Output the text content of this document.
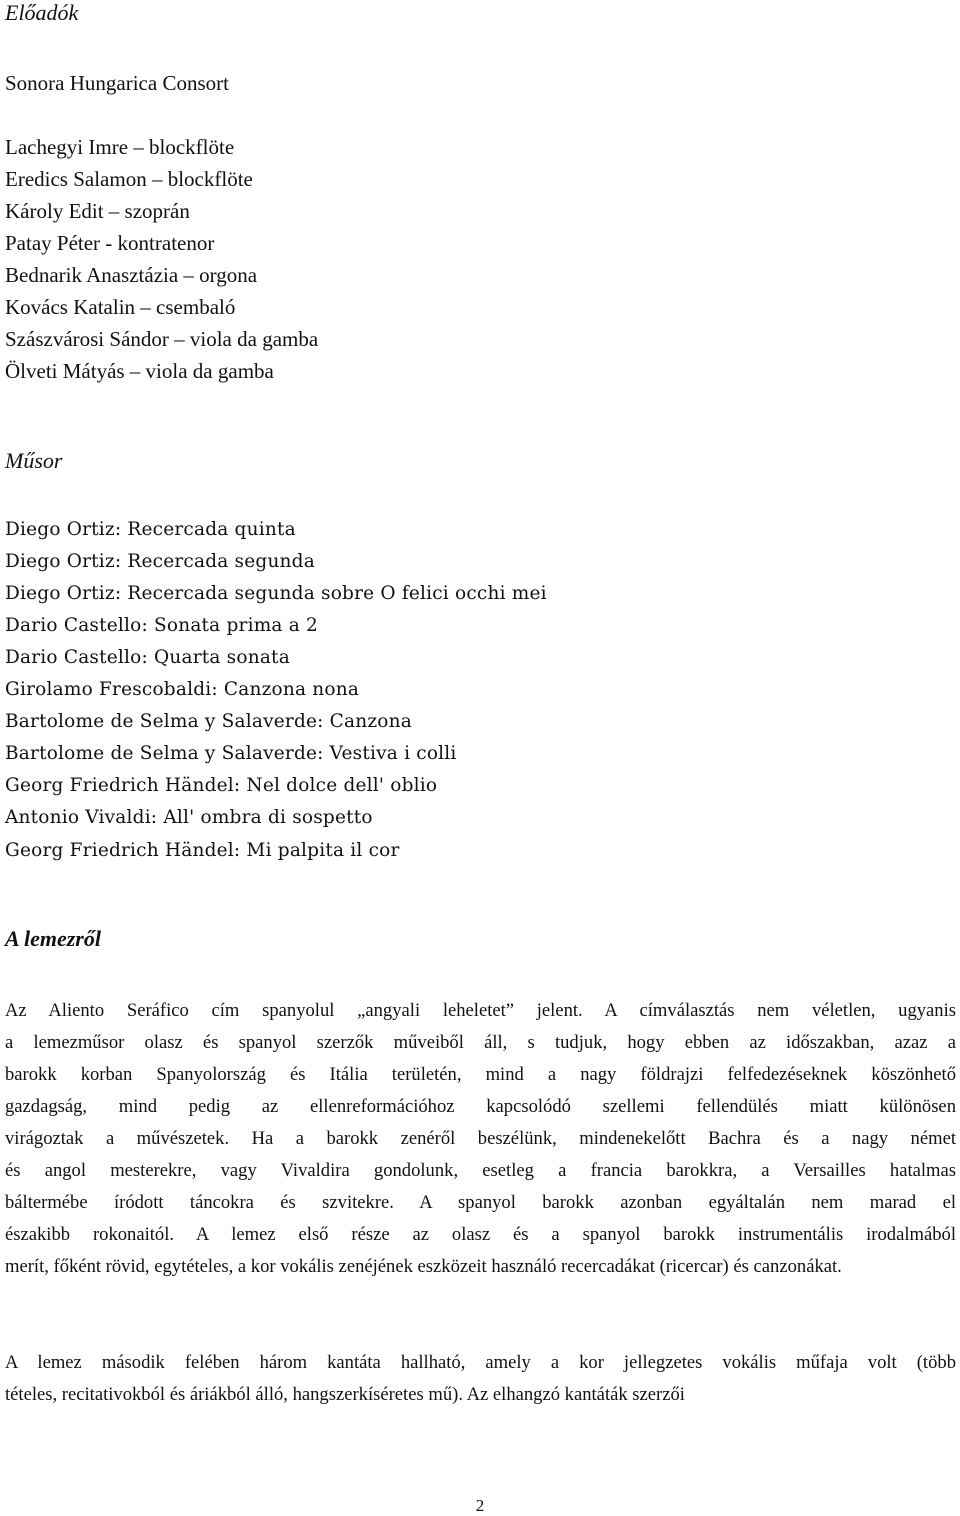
Előadók

Sonora Hungarica Consort

Lachegyi Imre – blockflöte

Eredics Salamon – blockflöte

Károly Edit – szoprán

Patay Péter - kontratenor

Bednarik Anasztázia – orgona

Kovács Katalin – csembaló

Szászvárosi Sándor – viola da gamba

Ölveti Mátyás – viola da gamba

Műsor

Diego Ortiz: Recercada quinta

Diego Ortiz: Recercada segunda

Diego Ortiz: Recercada segunda sobre O felici occhi mei

Dario Castello: Sonata prima a 2

Dario Castello: Quarta sonata

Girolamo Frescobaldi: Canzona nona

Bartolome de Selma y Salaverde: Canzona

Bartolome de Selma y Salaverde: Vestiva i colli

Georg Friedrich Händel: Nel dolce dell' oblio

Antonio Vivaldi: All' ombra di sospetto

Georg Friedrich Händel: Mi palpita il cor

A lemezről
Az Aliento Seráfico cím spanyolul „angyali leheletet” jelent. A címválasztás nem véletlen, ugyanis a lemezműsor olasz és spanyol szerzők műveiből áll, s tudjuk, hogy ebben az időszakban, azaz a barokk korban Spanyolország és Itália területén, mind a nagy földrajzi felfedezéseknek köszönhető gazdagság, mind pedig az ellenreformációhoz kapcsolódó szellemi fellendülés miatt különösen virágoztak a művészetek. Ha a barokk zenéről beszélünk, mindenekelőtt Bachra és a nagy német és angol mesterekre, vagy Vivaldira gondolunk, esetleg a francia barokkra, a Versailles hatalmas báltermébe íródott táncokra és szvitekre. A spanyol barokk azonban egyáltalán nem marad el északibb rokonaitól. A lemez első része az olasz és a spanyol barokk instrumentális irodalmából merít, főként rövid, egytételes, a kor vokális zenéjének eszközeit használó recercadákat (ricercar) és canzonákat.
A lemez második felében három kantáta hallható, amely a kor jellegzetes vokális műfaja volt (több tételes, recitativokból és áriákból álló, hangszerkíséretes mű). Az elhangzó kantáták szerzői
2
